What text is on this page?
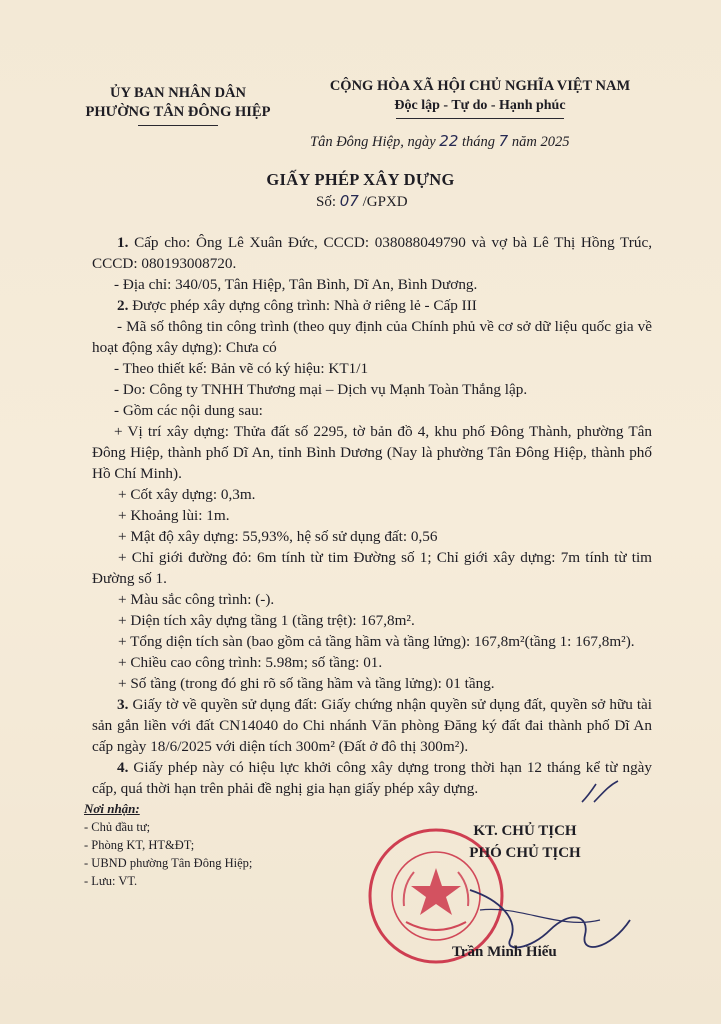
ỦY BAN NHÂN DÂN
PHƯỜNG TÂN ĐÔNG HIỆP
CỘNG HÒA XÃ HỘI CHỦ NGHĨA VIỆT NAM
Độc lập - Tự do - Hạnh phúc
Tân Đông Hiệp, ngày 22 tháng 7 năm 2025
GIẤY PHÉP XÂY DỰNG
Số: 07 /GPXD

1. Cấp cho: Ông Lê Xuân Đức, CCCD: 038088049790 và vợ bà Lê Thị Hồng Trúc, CCCD: 080193008720.

- Địa chỉ: 340/05, Tân Hiệp, Tân Bình, Dĩ An, Bình Dương.

2. Được phép xây dựng công trình: Nhà ở riêng lẻ - Cấp III

- Mã số thông tin công trình (theo quy định của Chính phủ về cơ sở dữ liệu quốc gia về hoạt động xây dựng): Chưa có

- Theo thiết kế: Bản vẽ có ký hiệu: KT1/1

- Do: Công ty TNHH Thương mại – Dịch vụ Mạnh Toàn Thắng lập.

- Gồm các nội dung sau:

+ Vị trí xây dựng: Thửa đất số 2295, tờ bản đồ 4, khu phố Đông Thành, phường Tân Đông Hiệp, thành phố Dĩ An, tỉnh Bình Dương (Nay là phường Tân Đông Hiệp, thành phố Hồ Chí Minh).

+ Cốt xây dựng: 0,3m.

+ Khoảng lùi: 1m.

+ Mật độ xây dựng: 55,93%, hệ số sử dụng đất: 0,56

+ Chỉ giới đường đỏ: 6m tính từ tim Đường số 1; Chỉ giới xây dựng: 7m tính từ tim Đường số 1.

+ Màu sắc công trình: (-).

+ Diện tích xây dựng tầng 1 (tầng trệt): 167,8m².

+ Tổng diện tích sàn (bao gồm cả tầng hầm và tầng lửng): 167,8m²(tầng 1: 167,8m²).

+ Chiều cao công trình: 5.98m; số tầng: 01.

+ Số tầng (trong đó ghi rõ số tầng hầm và tầng lửng): 01 tầng.

3. Giấy tờ về quyền sử dụng đất: Giấy chứng nhận quyền sử dụng đất, quyền sở hữu tài sản gắn liền với đất CN14040 do Chi nhánh Văn phòng Đăng ký đất đai thành phố Dĩ An cấp ngày 18/6/2025 với diện tích 300m² (Đất ở đô thị 300m²).

4. Giấy phép này có hiệu lực khởi công xây dựng trong thời hạn 12 tháng kể từ ngày cấp, quá thời hạn trên phải đề nghị gia hạn giấy phép xây dựng.

Nơi nhận:
- Chủ đầu tư;
- Phòng KT, HT&ĐT;
- UBND phường Tân Đông Hiệp;
- Lưu: VT.
KT. CHỦ TỊCH
PHÓ CHỦ TỊCH
Trần Minh Hiếu
